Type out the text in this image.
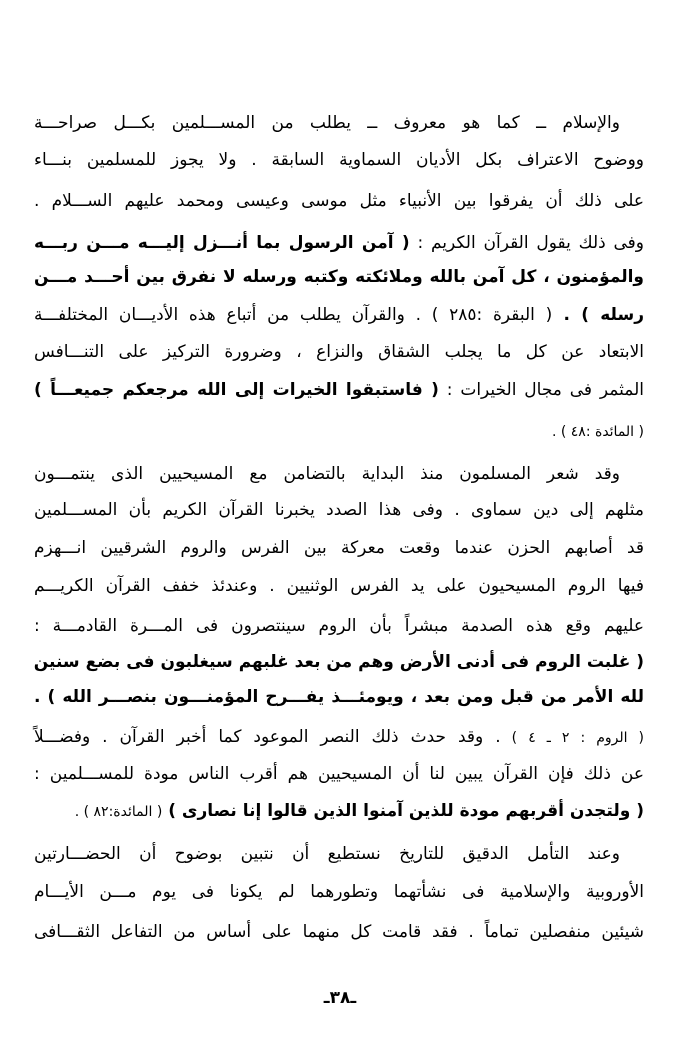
والإسلام ــ كما هو معروف ــ يطلب من المســـلمين بكـــل صراحـــة
ووضوح الاعتراف بكل الأديان السماوية السابقة . ولا يجوز للمسلمين بنـــاء
على ذلك أن يفرقوا بين الأنبياء مثل موسى وعيسى ومحمد عليهم الســـلام .
وفى ذلك يقول القرآن الكريم : ( آمن الرسول بما أنـــزل إليـــه مـــن ربـــه
والمؤمنون ، كل آمن بالله وملائكته وكتبه ورسله لا نفرق بين أحـــد مـــن
رسله ) . ( البقرة :٢٨٥ ) . والقرآن يطلب من أتباع هذه الأديـــان المختلفـــة
الابتعاد عن كل ما يجلب الشقاق والنزاع ، وضرورة التركيز على التنـــافس
المثمر فى مجال الخيرات : ( فاستبقوا الخيرات إلى الله مرجعكم جميعـــاً )
( المائدة :٤٨ ) .
وقد شعر المسلمون منذ البداية بالتضامن مع المسيحيين الذى ينتمـــون
مثلهم إلى دين سماوى . وفى هذا الصدد يخبرنا القرآن الكريم بأن المســـلمين
قد أصابهم الحزن عندما وقعت معركة بين الفرس والروم الشرقيين انـــهزم
فيها الروم المسيحيون على يد الفرس الوثنيين . وعندئذ خفف القرآن الكريـــم
عليهم وقع هذه الصدمة مبشراً بأن الروم سينتصرون فى المـــرة القادمـــة :
( غلبت الروم فى أدنى الأرض وهم من بعد غلبهم سيغلبون فى بضع سنين
لله الأمر من قبل ومن بعد ، ويومئـــذ يفـــرح المؤمنـــون بنصـــر الله ) .
( الروم : ٢ ـ ٤ ) . وقد حدث ذلك النصر الموعود كما أخبر القرآن . وفضـــلاً
عن ذلك فإن القرآن يبين لنا أن المسيحيين هم أقرب الناس مودة للمســـلمين :
( ولتجدن أقربهم مودة للذين آمنوا الذين قالوا إنا نصارى ) ( المائدة:٨٢ ) .
وعند التأمل الدقيق للتاريخ نستطيع أن نتبين بوضوح أن الحضـــارتين
الأوروبية والإسلامية فى نشأتهما وتطورهما لم يكونا فى يوم مـــن الأيـــام
شيئين منفصلين تماماً . فقد قامت كل منهما على أساس من التفاعل الثقـــافى
ـ٣٨ـ
